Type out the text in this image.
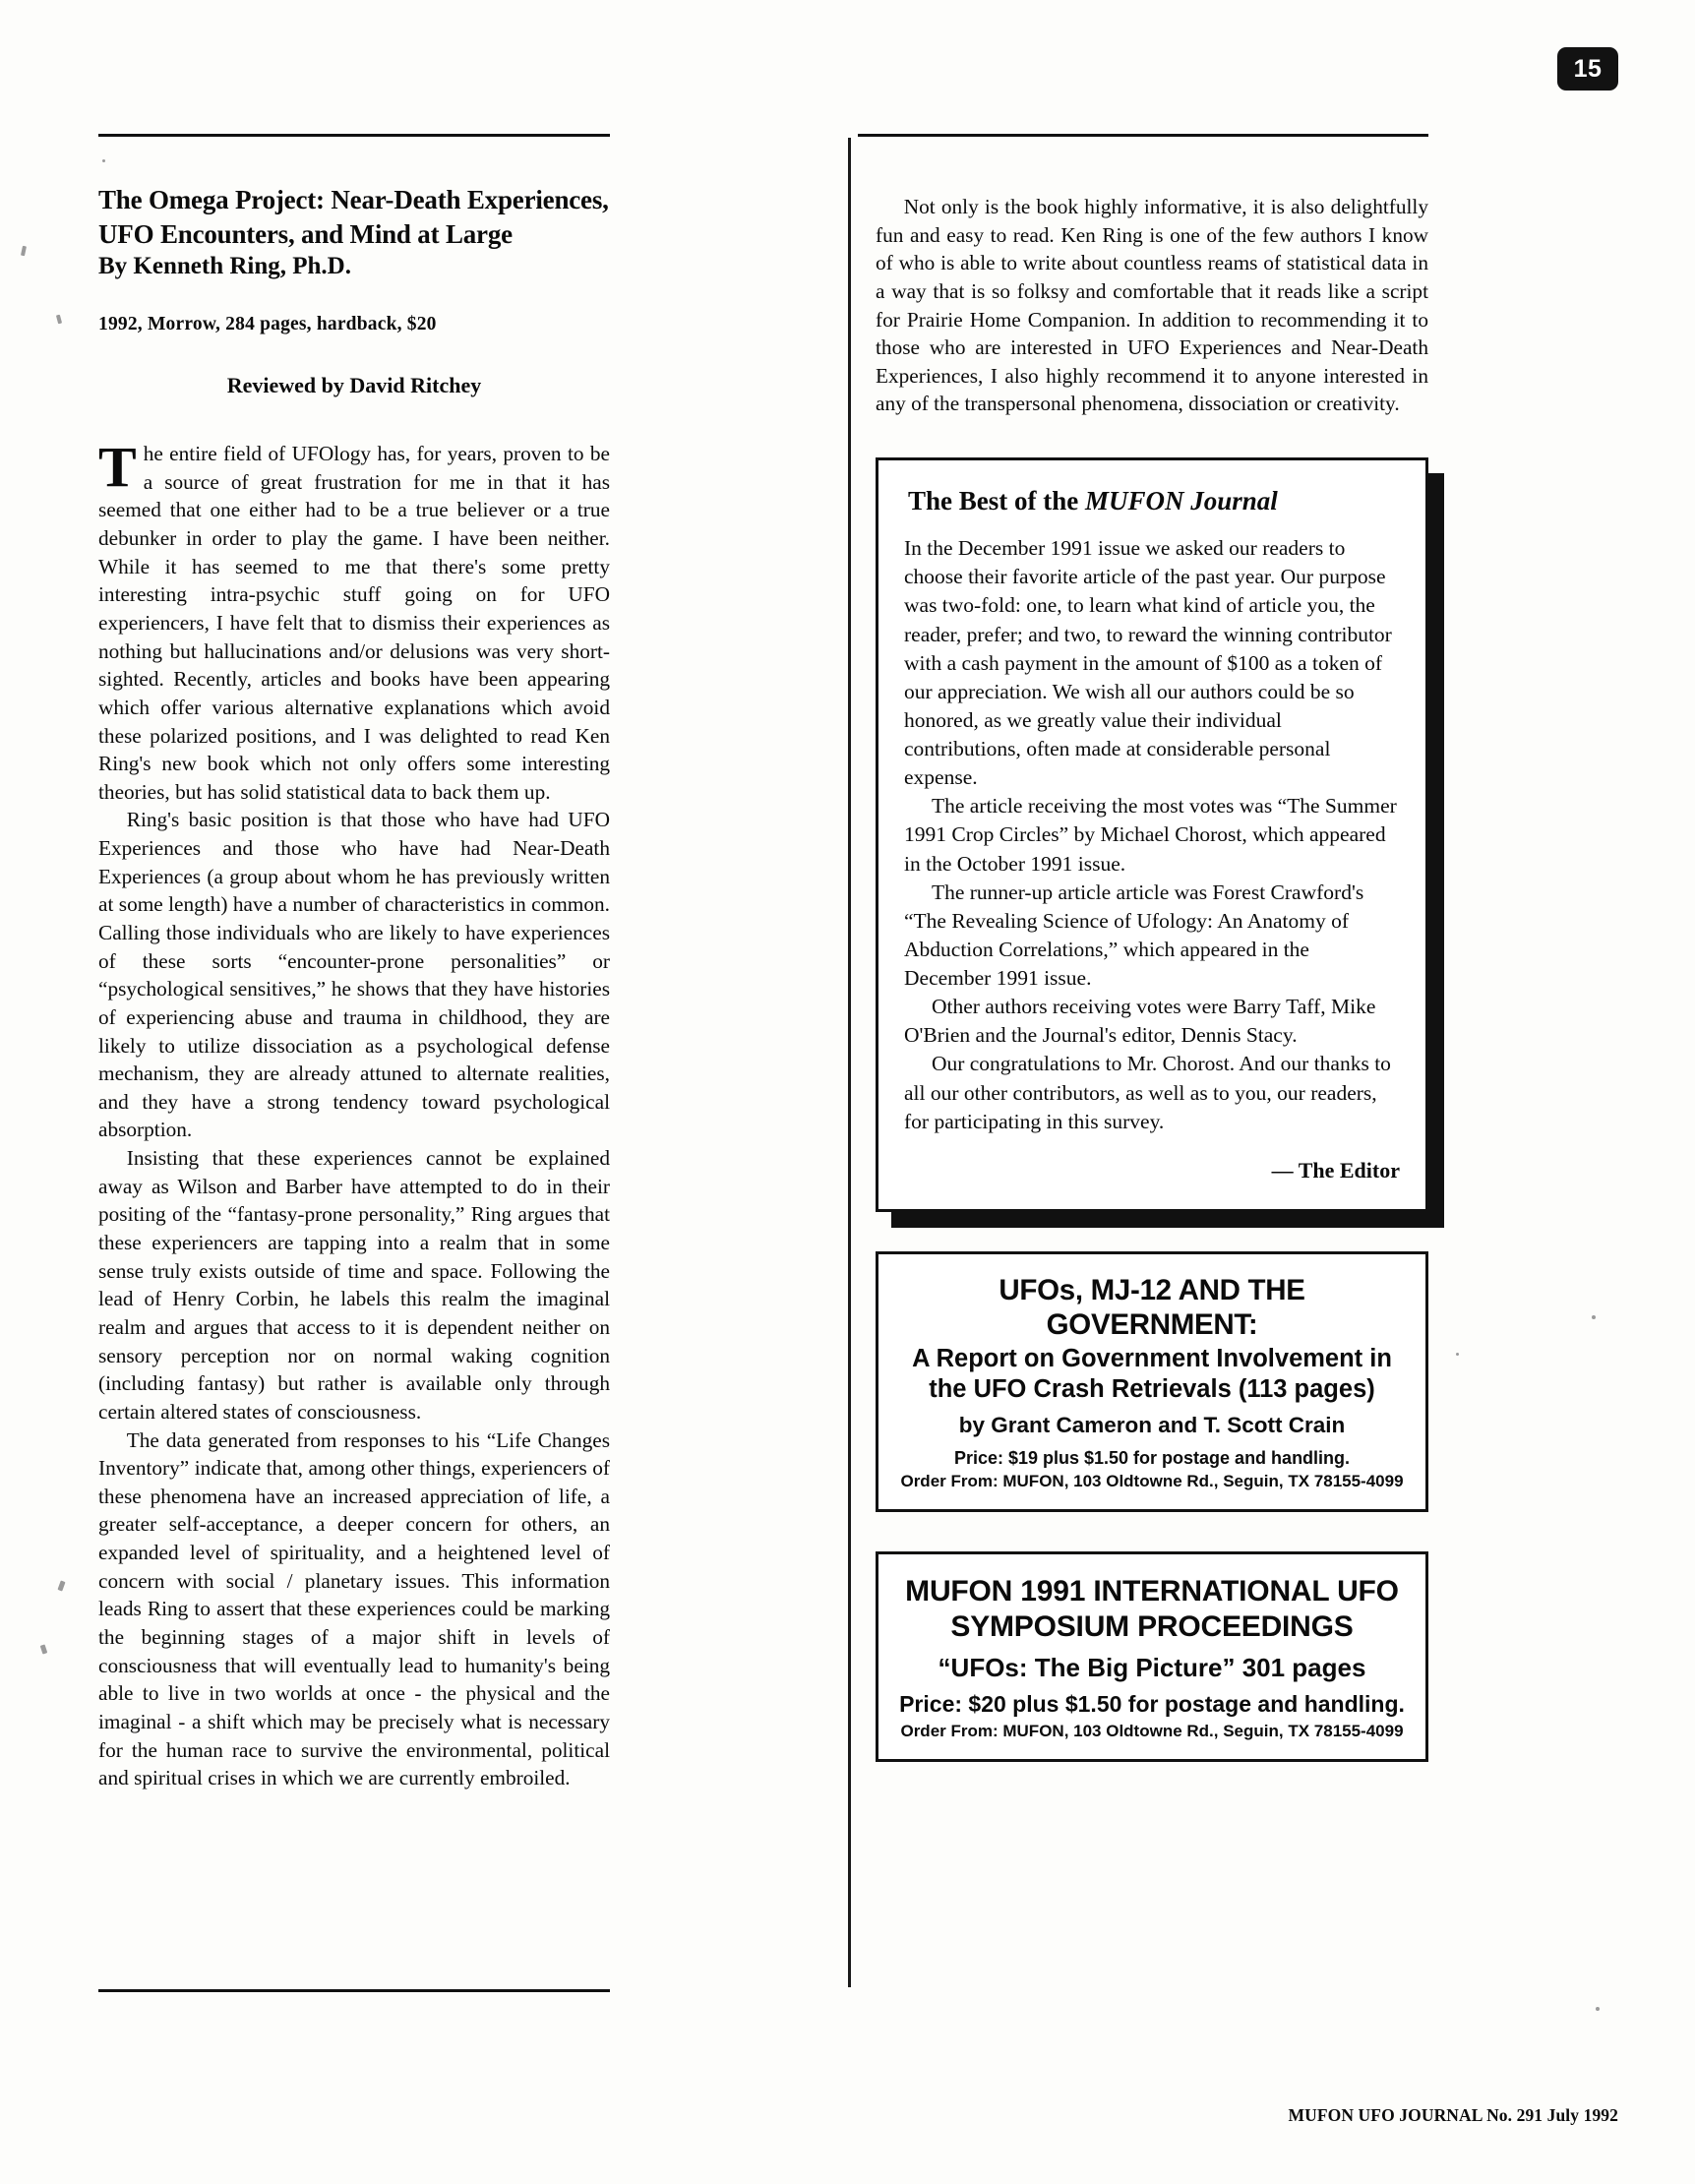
15
The Omega Project: Near-Death Experiences,
UFO Encounters, and Mind at Large
By Kenneth Ring, Ph.D.
1992, Morrow, 284 pages, hardback, $20
Reviewed by David Ritchey

The entire field of UFOlogy has, for years, proven to be a source of great frustration for me in that it has seemed that one either had to be a true believer or a true debunker in order to play the game. I have been neither. While it has seemed to me that there's some pretty interesting intra-psychic stuff going on for UFO experiencers, I have felt that to dismiss their experiences as nothing but hallucinations and/or delusions was very short-sighted. Recently, articles and books have been appearing which offer various alternative explanations which avoid these polarized positions, and I was delighted to read Ken Ring's new book which not only offers some interesting theories, but has solid statistical data to back them up.

Ring's basic position is that those who have had UFO Experiences and those who have had Near-Death Experiences (a group about whom he has previously written at some length) have a number of characteristics in common. Calling those individuals who are likely to have experiences of these sorts “encounter-prone personalities” or “psychological sensitives,” he shows that they have histories of experiencing abuse and trauma in childhood, they are likely to utilize dissociation as a psychological defense mechanism, they are already attuned to alternate realities, and they have a strong tendency toward psychological absorption.

Insisting that these experiences cannot be explained away as Wilson and Barber have attempted to do in their positing of the “fantasy-prone personality,” Ring argues that these experiencers are tapping into a realm that in some sense truly exists outside of time and space. Following the lead of Henry Corbin, he labels this realm the imaginal realm and argues that access to it is dependent neither on sensory perception nor on normal waking cognition (including fantasy) but rather is available only through certain altered states of consciousness.

The data generated from responses to his “Life Changes Inventory” indicate that, among other things, experiencers of these phenomena have an increased appreciation of life, a greater self-acceptance, a deeper concern for others, an expanded level of spirituality, and a heightened level of concern with social / planetary issues. This information leads Ring to assert that these experiences could be marking the beginning stages of a major shift in levels of consciousness that will eventually lead to humanity's being able to live in two worlds at once - the physical and the imaginal - a shift which may be precisely what is necessary for the human race to survive the environmental, political and spiritual crises in which we are currently embroiled.

Not only is the book highly informative, it is also delightfully fun and easy to read. Ken Ring is one of the few authors I know of who is able to write about countless reams of statistical data in a way that is so folksy and comfortable that it reads like a script for Prairie Home Companion. In addition to recommending it to those who are interested in UFO Experiences and Near-Death Experiences, I also highly recommend it to anyone interested in any of the transpersonal phenomena, dissociation or creativity.

The Best of the MUFON Journal

In the December 1991 issue we asked our readers to choose their favorite article of the past year. Our purpose was two-fold: one, to learn what kind of article you, the reader, prefer; and two, to reward the winning contributor with a cash payment in the amount of $100 as a token of our appreciation. We wish all our authors could be so honored, as we greatly value their individual contributions, often made at considerable personal expense.

The article receiving the most votes was “The Summer 1991 Crop Circles” by Michael Chorost, which appeared in the October 1991 issue.

The runner-up article article was Forest Crawford's “The Revealing Science of Ufology: An Anatomy of Abduction Correlations,” which appeared in the December 1991 issue.

Other authors receiving votes were Barry Taff, Mike O'Brien and the Journal's editor, Dennis Stacy.

Our congratulations to Mr. Chorost. And our thanks to all our other contributors, as well as to you, our readers, for participating in this survey.

— The Editor
UFOs, MJ-12 AND THE GOVERNMENT:
A Report on Government Involvement in
the UFO Crash Retrievals (113 pages)
by Grant Cameron and T. Scott Crain
Price: $19 plus $1.50 for postage and handling.
Order From: MUFON, 103 Oldtowne Rd., Seguin, TX 78155-4099
MUFON 1991 INTERNATIONAL UFO
SYMPOSIUM PROCEEDINGS
“UFOs: The Big Picture” 301 pages
Price: $20 plus $1.50 for postage and handling.
Order From: MUFON, 103 Oldtowne Rd., Seguin, TX 78155-4099
MUFON UFO JOURNAL No. 291 July 1992
